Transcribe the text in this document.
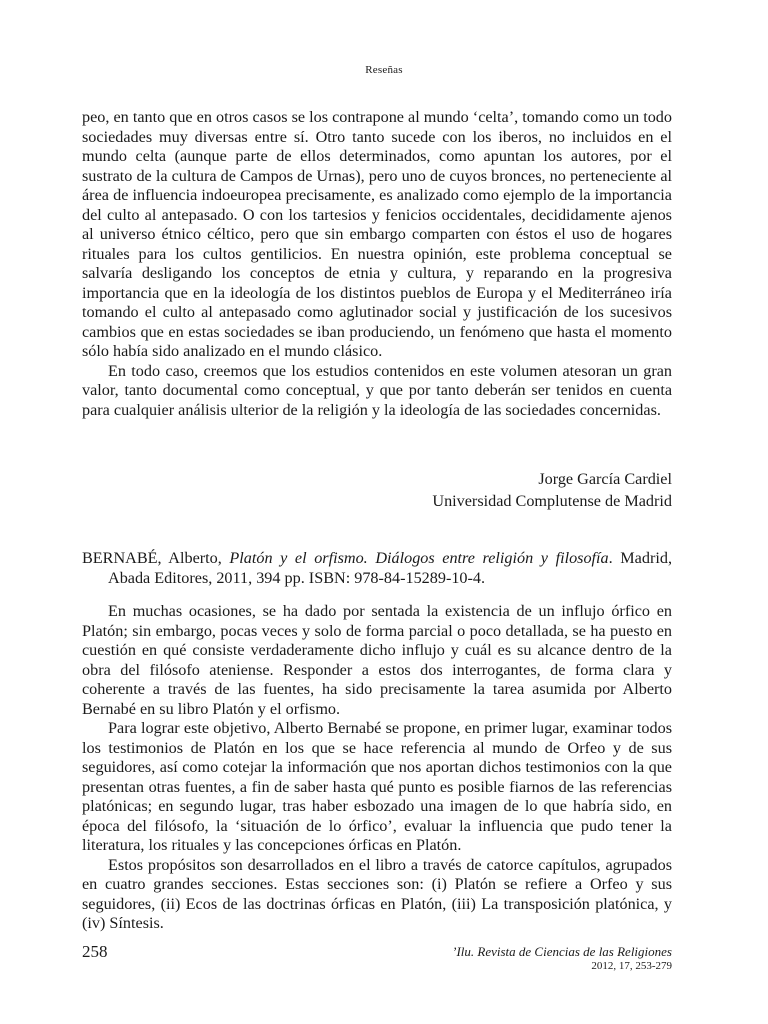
Reseñas

peo, en tanto que en otros casos se los contrapone al mundo ‘celta’, tomando como un todo sociedades muy diversas entre sí. Otro tanto sucede con los iberos, no incluidos en el mundo celta (aunque parte de ellos determinados, como apuntan los autores, por el sustrato de la cultura de Campos de Urnas), pero uno de cuyos bronces, no perteneciente al área de influencia indoeuropea precisamente, es analizado como ejemplo de la importancia del culto al antepasado. O con los tartesios y fenicios occidentales, decididamente ajenos al universo étnico céltico, pero que sin embargo comparten con éstos el uso de hogares rituales para los cultos gentilicios. En nuestra opinión, este problema conceptual se salvaría desligando los conceptos de etnia y cultura, y reparando en la progresiva importancia que en la ideología de los distintos pueblos de Europa y el Mediterráneo iría tomando el culto al antepasado como aglutinador social y justificación de los sucesivos cambios que en estas sociedades se iban produciendo, un fenómeno que hasta el momento sólo había sido analizado en el mundo clásico.

En todo caso, creemos que los estudios contenidos en este volumen atesoran un gran valor, tanto documental como conceptual, y que por tanto deberán ser tenidos en cuenta para cualquier análisis ulterior de la religión y la ideología de las sociedades concernidas.

Jorge García Cardiel
Universidad Complutense de Madrid
BERNABÉ, Alberto, Platón y el orfismo. Diálogos entre religión y filosofía. Madrid, Abada Editores, 2011, 394 pp. ISBN: 978-84-15289-10-4.

En muchas ocasiones, se ha dado por sentada la existencia de un influjo órfico en Platón; sin embargo, pocas veces y solo de forma parcial o poco detallada, se ha puesto en cuestión en qué consiste verdaderamente dicho influjo y cuál es su alcance dentro de la obra del filósofo ateniense. Responder a estos dos interrogantes, de forma clara y coherente a través de las fuentes, ha sido precisamente la tarea asumida por Alberto Bernabé en su libro Platón y el orfismo.

Para lograr este objetivo, Alberto Bernabé se propone, en primer lugar, examinar todos los testimonios de Platón en los que se hace referencia al mundo de Orfeo y de sus seguidores, así como cotejar la información que nos aportan dichos testimonios con la que presentan otras fuentes, a fin de saber hasta qué punto es posible fiarnos de las referencias platónicas; en segundo lugar, tras haber esbozado una imagen de lo que habría sido, en época del filósofo, la ‘situación de lo órfico’, evaluar la influencia que pudo tener la literatura, los rituales y las concepciones órficas en Platón.

Estos propósitos son desarrollados en el libro a través de catorce capítulos, agrupados en cuatro grandes secciones. Estas secciones son: (i) Platón se refiere a Orfeo y sus seguidores, (ii) Ecos de las doctrinas órficas en Platón, (iii) La transposición platónica, y (iv) Síntesis.

258	’Ilu. Revista de Ciencias de las Religiones
2012, 17, 253-279
